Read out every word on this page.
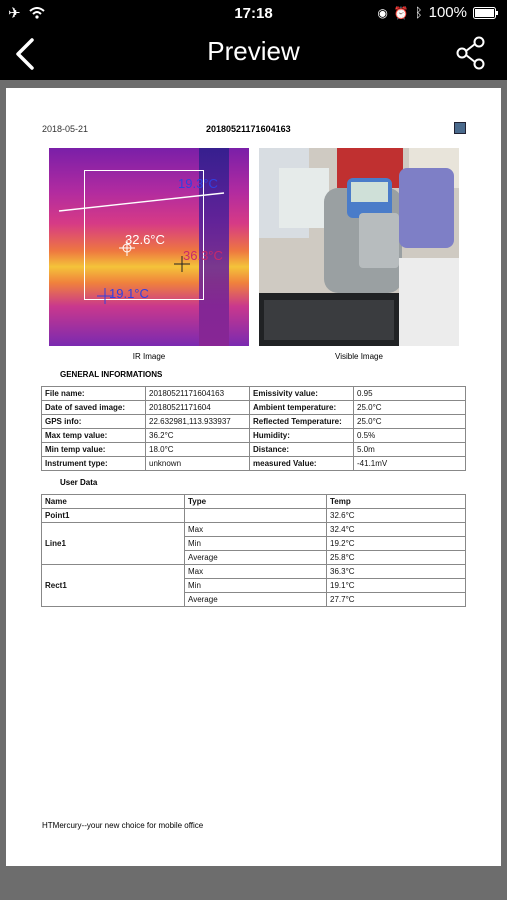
✈	17:18	◉ ⏰ ᛒ 100%
Preview
2018-05-21	20180521171604163
19.3°C
32.6°C
36.3°C
19.1°C
IR Image	Visible Image
GENERAL INFORMATIONS
File name:	20180521171604163	Emissivity value:	0.95
Date of saved image:	20180521171604	Ambient temperature:	25.0°C
GPS info:	22.632981,113.933937	Reflected Temperature:	25.0°C
Max temp value:	36.2°C	Humidity:	0.5%
Min temp value:	18.0°C	Distance:	5.0m
Instrument type:	unknown	measured Value:	-41.1mV
User Data
Name	Type	Temp
Point1		32.6°C
Line1	Max	32.4°C
	Min	19.2°C
	Average	25.8°C
Rect1	Max	36.3°C
	Min	19.1°C
	Average	27.7°C
HTMercury--your new choice for mobile office
